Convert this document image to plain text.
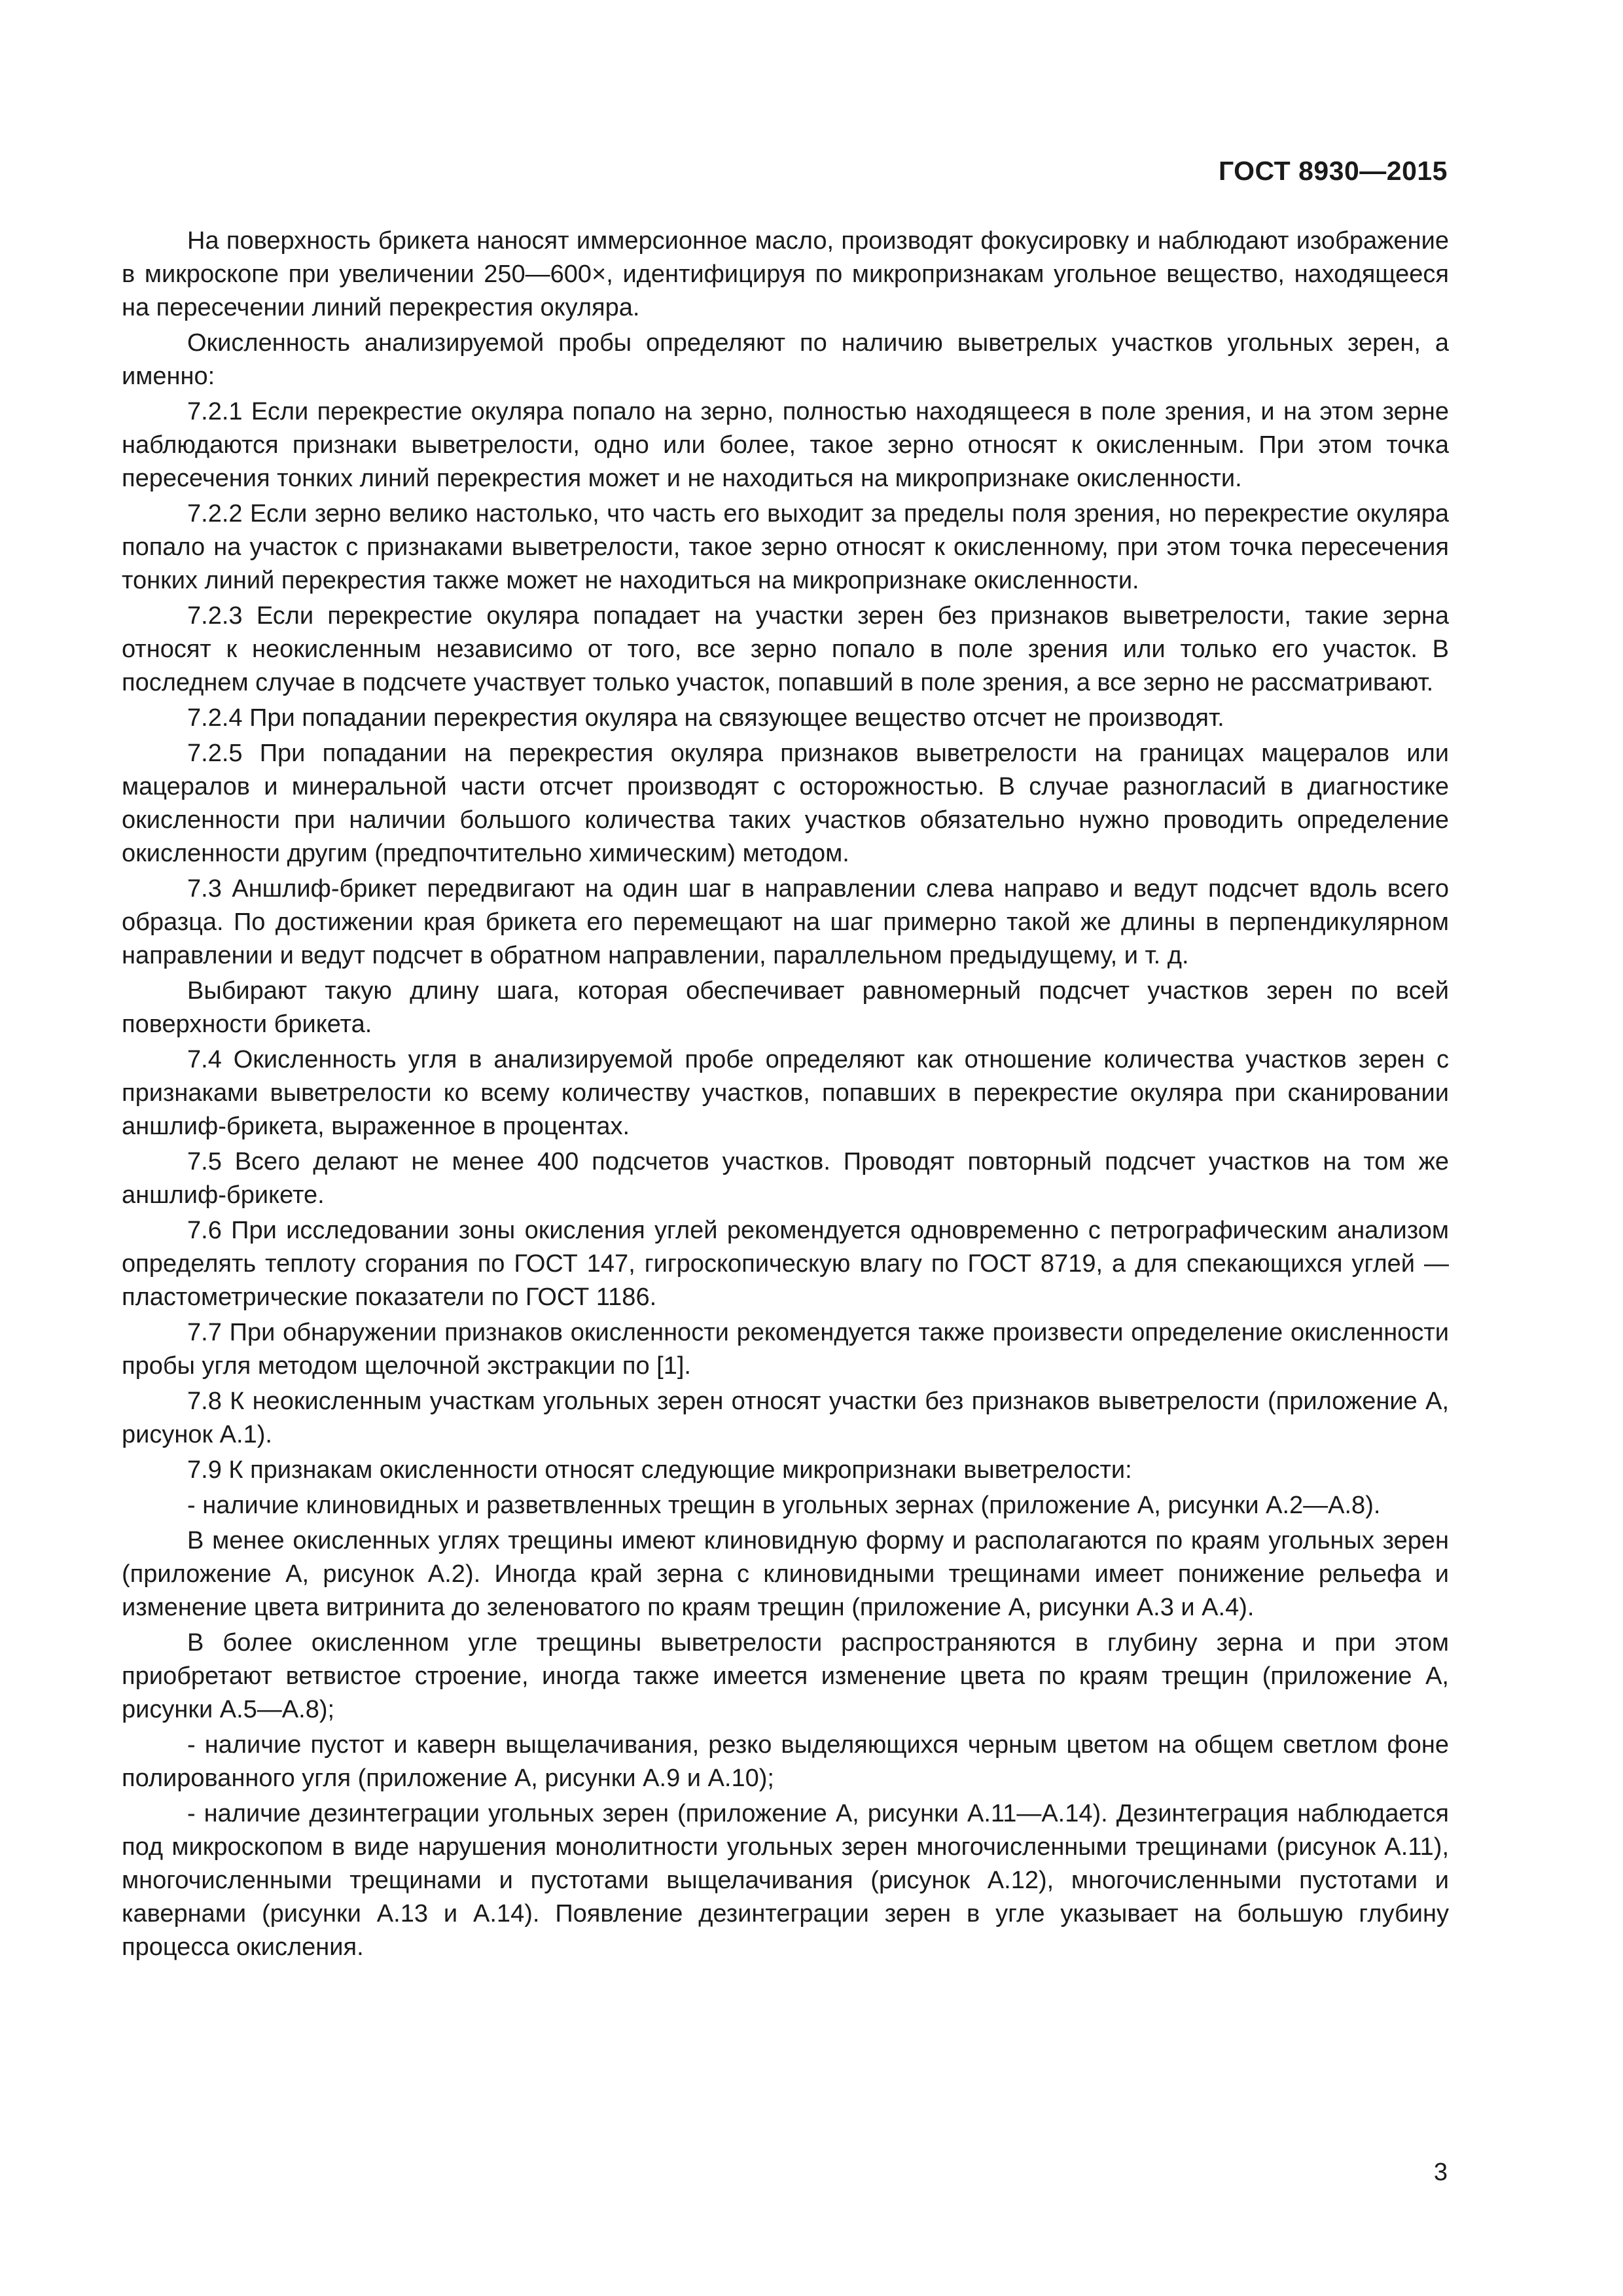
ГОСТ 8930—2015

На поверхность брикета наносят иммерсионное масло, производят фокусировку и наблюдают изображение в микроскопе при увеличении 250—600×, идентифицируя по микропризнакам угольное вещество, находящееся на пересечении линий перекрестия окуляра.

Окисленность анализируемой пробы определяют по наличию выветрелых участков угольных зерен, а именно:

7.2.1 Если перекрестие окуляра попало на зерно, полностью находящееся в поле зрения, и на этом зерне наблюдаются признаки выветрелости, одно или более, такое зерно относят к окисленным. При этом точка пересечения тонких линий перекрестия может и не находиться на микропризнаке окисленности.

7.2.2 Если зерно велико настолько, что часть его выходит за пределы поля зрения, но перекрестие окуляра попало на участок с признаками выветрелости, такое зерно относят к окисленному, при этом точка пересечения тонких линий перекрестия также может не находиться на микропризнаке окисленности.

7.2.3 Если перекрестие окуляра попадает на участки зерен без признаков выветрелости, такие зерна относят к неокисленным независимо от того, все зерно попало в поле зрения или только его участок. В последнем случае в подсчете участвует только участок, попавший в поле зрения, а все зерно не рассматривают.

7.2.4 При попадании перекрестия окуляра на связующее вещество отсчет не производят.

7.2.5 При попадании на перекрестия окуляра признаков выветрелости на границах мацералов или мацералов и минеральной части отсчет производят с осторожностью. В случае разногласий в диагностике окисленности при наличии большого количества таких участков обязательно нужно проводить определение окисленности другим (предпочтительно химическим) методом.

7.3 Аншлиф-брикет передвигают на один шаг в направлении слева направо и ведут подсчет вдоль всего образца. По достижении края брикета его перемещают на шаг примерно такой же длины в перпендикулярном направлении и ведут подсчет в обратном направлении, параллельном предыдущему, и т. д.

Выбирают такую длину шага, которая обеспечивает равномерный подсчет участков зерен по всей поверхности брикета.

7.4 Окисленность угля в анализируемой пробе определяют как отношение количества участков зерен с признаками выветрелости ко всему количеству участков, попавших в перекрестие окуляра при сканировании аншлиф-брикета, выраженное в процентах.

7.5 Всего делают не менее 400 подсчетов участков. Проводят повторный подсчет участков на том же аншлиф-брикете.

7.6 При исследовании зоны окисления углей рекомендуется одновременно с петрографическим анализом определять теплоту сгорания по ГОСТ 147, гигроскопическую влагу по ГОСТ 8719, а для спекающихся углей — пластометрические показатели по ГОСТ 1186.

7.7 При обнаружении признаков окисленности рекомендуется также произвести определение окисленности пробы угля методом щелочной экстракции по [1].

7.8 К неокисленным участкам угольных зерен относят участки без признаков выветрелости (приложение А, рисунок А.1).

7.9 К признакам окисленности относят следующие микропризнаки выветрелости:

- наличие клиновидных и разветвленных трещин в угольных зернах (приложение А, рисунки А.2—А.8).

В менее окисленных углях трещины имеют клиновидную форму и располагаются по краям угольных зерен (приложение А, рисунок А.2). Иногда край зерна с клиновидными трещинами имеет понижение рельефа и изменение цвета витринита до зеленоватого по краям трещин (приложение А, рисунки А.3 и А.4).

В более окисленном угле трещины выветрелости распространяются в глубину зерна и при этом приобретают ветвистое строение, иногда также имеется изменение цвета по краям трещин (приложение А, рисунки А.5—А.8);

- наличие пустот и каверн выщелачивания, резко выделяющихся черным цветом на общем светлом фоне полированного угля (приложение А, рисунки А.9 и А.10);

- наличие дезинтеграции угольных зерен (приложение А, рисунки А.11—А.14). Дезинтеграция наблюдается под микроскопом в виде нарушения монолитности угольных зерен многочисленными трещинами (рисунок А.11), многочисленными трещинами и пустотами выщелачивания (рисунок А.12), многочисленными пустотами и кавернами (рисунки А.13 и А.14). Появление дезинтеграции зерен в угле указывает на большую глубину процесса окисления.

3
